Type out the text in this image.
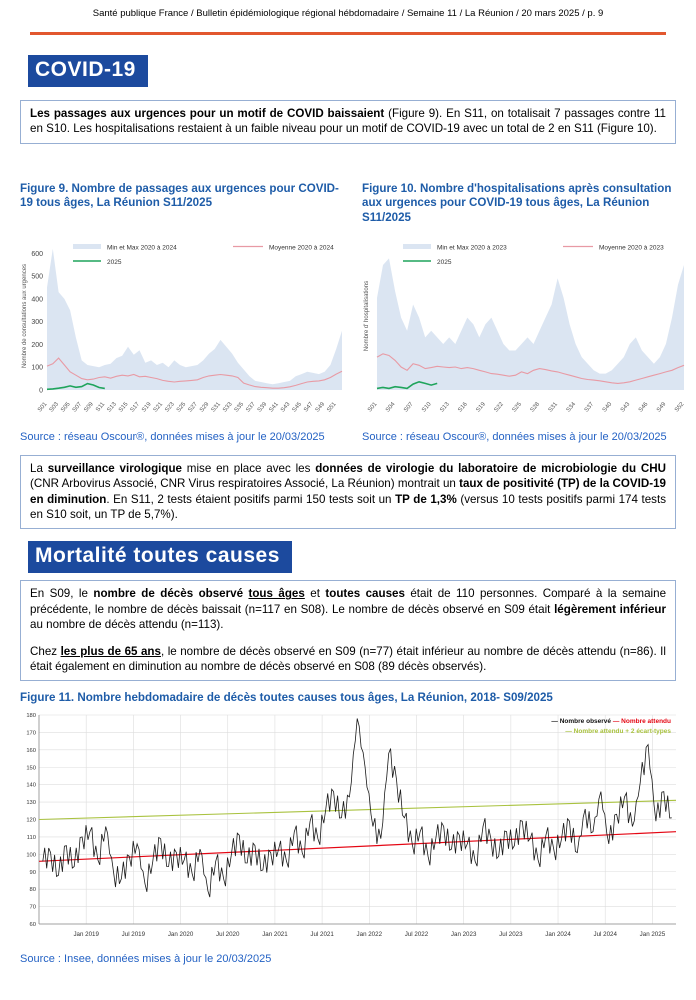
Santé publique France / Bulletin épidémiologique régional hébdomadaire / Semaine 11 / La Réunion / 20 mars 2025 / p. 9
COVID-19

Les passages aux urgences pour un motif de COVID baissaient (Figure 9). En S11, on totalisait 7 passages contre 11 en S10. Les hospitalisations restaient à un faible niveau pour un motif de COVID-19 avec un total de 2 en S11 (Figure 10).

Figure 9. Nombre de passages aux urgences pour COVID-19 tous âges, La Réunion S11/2025
0
100
200
300
400
500
600
S01 S03 S05 S07 S09 S11 S13 S15 S17 S19 S21 S23 S25 S27 S29 S31 S33 S35 S37 S39 S41 S43 S45 S47 S49 S51
Nombre de consultations aux urgences
Min et Max 2020 à 2024	Moyenne 2020 à 2024
2025
Source : réseau Oscour®, données mises à jour le 20/03/2025
Figure 10. Nombre d'hospitalisations après consultation aux urgences pour COVID-19 tous âges, La Réunion S11/2025
S01 S04 S07 S10 S13 S16 S19 S22 S25 S28 S31 S34 S37 S40 S43 S46 S49 S52
Nombre d' hospitalisations
Min et Max 2020 à 2023	Moyenne 2020 à 2023
2025
Source : réseau Oscour®, données mises à jour le 20/03/2025

La surveillance virologique mise en place avec les données de virologie du laboratoire de microbiologie du CHU (CNR Arbovirus Associé, CNR Virus respiratoires Associé, La Réunion) montrait un taux de positivité (TP) de la COVID-19 en diminution. En S11, 2 tests étaient positifs parmi 150 tests soit un TP de 1,3% (versus 10 tests positifs parmi 174 tests en S10 soit, un TP de 5,7%).

Mortalité toutes causes

En S09, le nombre de décès observé tous âges et toutes causes était de 110 personnes. Comparé à la semaine précédente, le nombre de décès baissait (n=117 en S08). Le nombre de décès observé en S09 était légèrement inférieur au nombre de décès attendu (n=113).

Chez les plus de 65 ans, le nombre de décès observé en S09 (n=77) était inférieur au nombre de décès attendu (n=86). Il était également en diminution au nombre de décès observé en S08 (89 décès observés).

Figure 11. Nombre hebdomadaire de décès toutes causes tous âges, La Réunion, 2018- S09/2025
60
70
80
90
100
110
120
130
140
150
160
170
180
Jan 2019	Jul 2019	Jan 2020	Jul 2020	Jan 2021	Jul 2021	Jan 2022	Jul 2022	Jan 2023	Jul 2023	Jan 2024	Jul 2024	Jan 2025
— Nombre observé — Nombre attendu
— Nombre attendu + 2 écart-types
Source : Insee, données mises à jour le 20/03/2025
